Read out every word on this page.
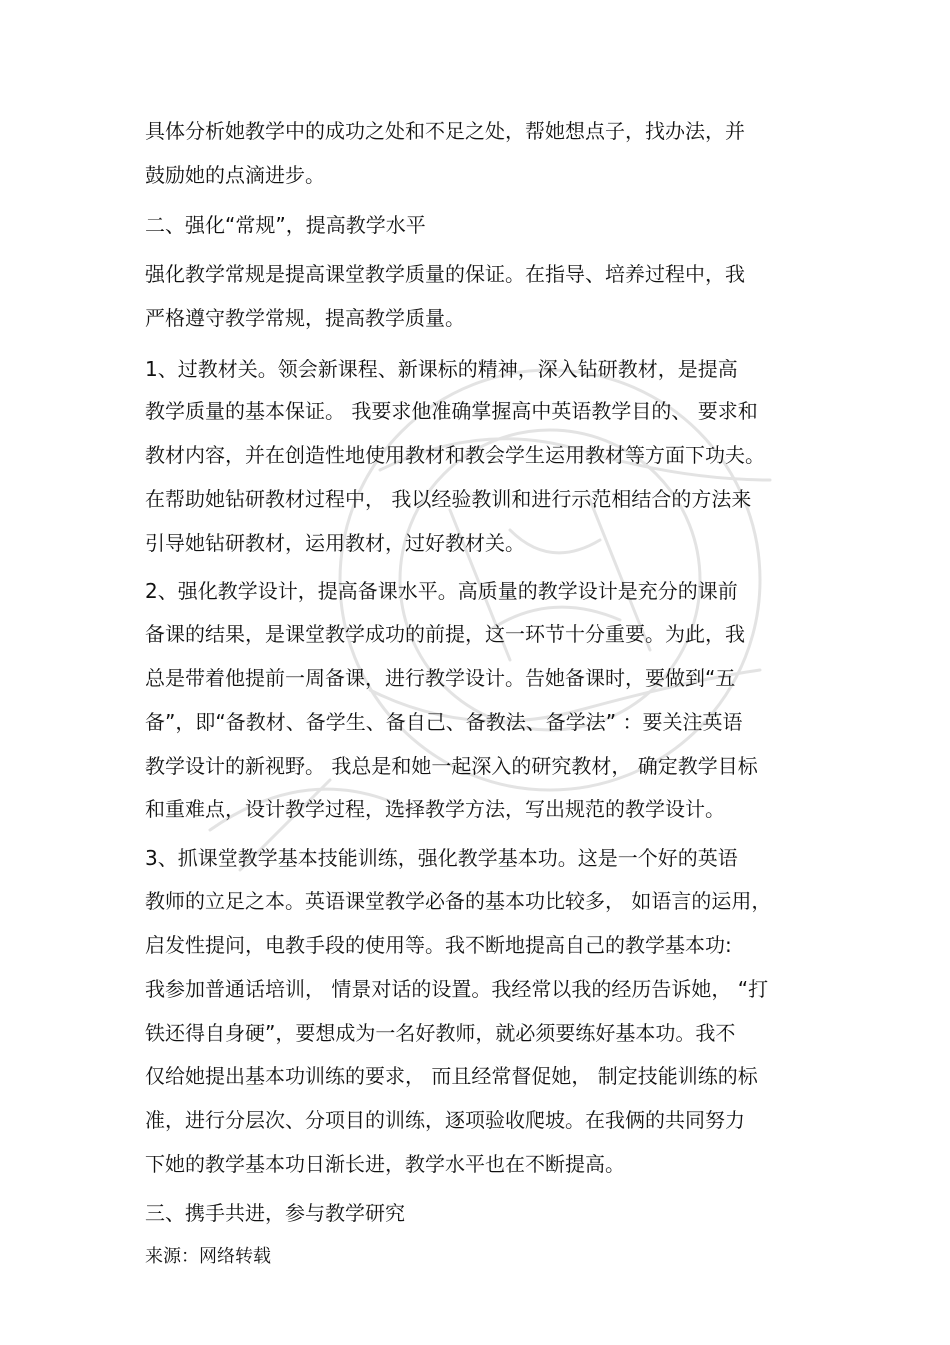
具体分析她教学中的成功之处和不足之处，帮她想点子，找办法，并
鼓励她的点滴进步。
二、强化“常规”，提高教学水平
强化教学常规是提高课堂教学质量的保证。在指导、培养过程中，我
严格遵守教学常规，提高教学质量。
1、过教材关。领会新课程、新课标的精神，深入钻研教材，是提高
教学质量的基本保证。 我要求他准确掌握高中英语教学目的、 要求和
教材内容，并在创造性地使用教材和教会学生运用教材等方面下功夫。
在帮助她钻研教材过程中， 我以经验教训和进行示范相结合的方法来
引导她钻研教材，运用教材，过好教材关。
2、强化教学设计，提高备课水平。高质量的教学设计是充分的课前
备课的结果，是课堂教学成功的前提，这一环节十分重要。为此，我
总是带着他提前一周备课，进行教学设计。告她备课时，要做到“五
备”，即“备教材、备学生、备自己、备教法、备学法” ：要关注英语
教学设计的新视野。 我总是和她一起深入的研究教材， 确定教学目标
和重难点，设计教学过程，选择教学方法，写出规范的教学设计。
3、抓课堂教学基本技能训练，强化教学基本功。这是一个好的英语
教师的立足之本。英语课堂教学必备的基本功比较多， 如语言的运用，
启发性提问，电教手段的使用等。我不断地提高自己的教学基本功:
我参加普通话培训， 情景对话的设置。我经常以我的经历告诉她， “打
铁还得自身硬”，要想成为一名好教师，就必须要练好基本功。我不
仅给她提出基本功训练的要求， 而且经常督促她， 制定技能训练的标
准，进行分层次、分项目的训练，逐项验收爬坡。在我俩的共同努力
下她的教学基本功日渐长进，教学水平也在不断提高。
三、携手共进，参与教学研究
来源：网络转载
